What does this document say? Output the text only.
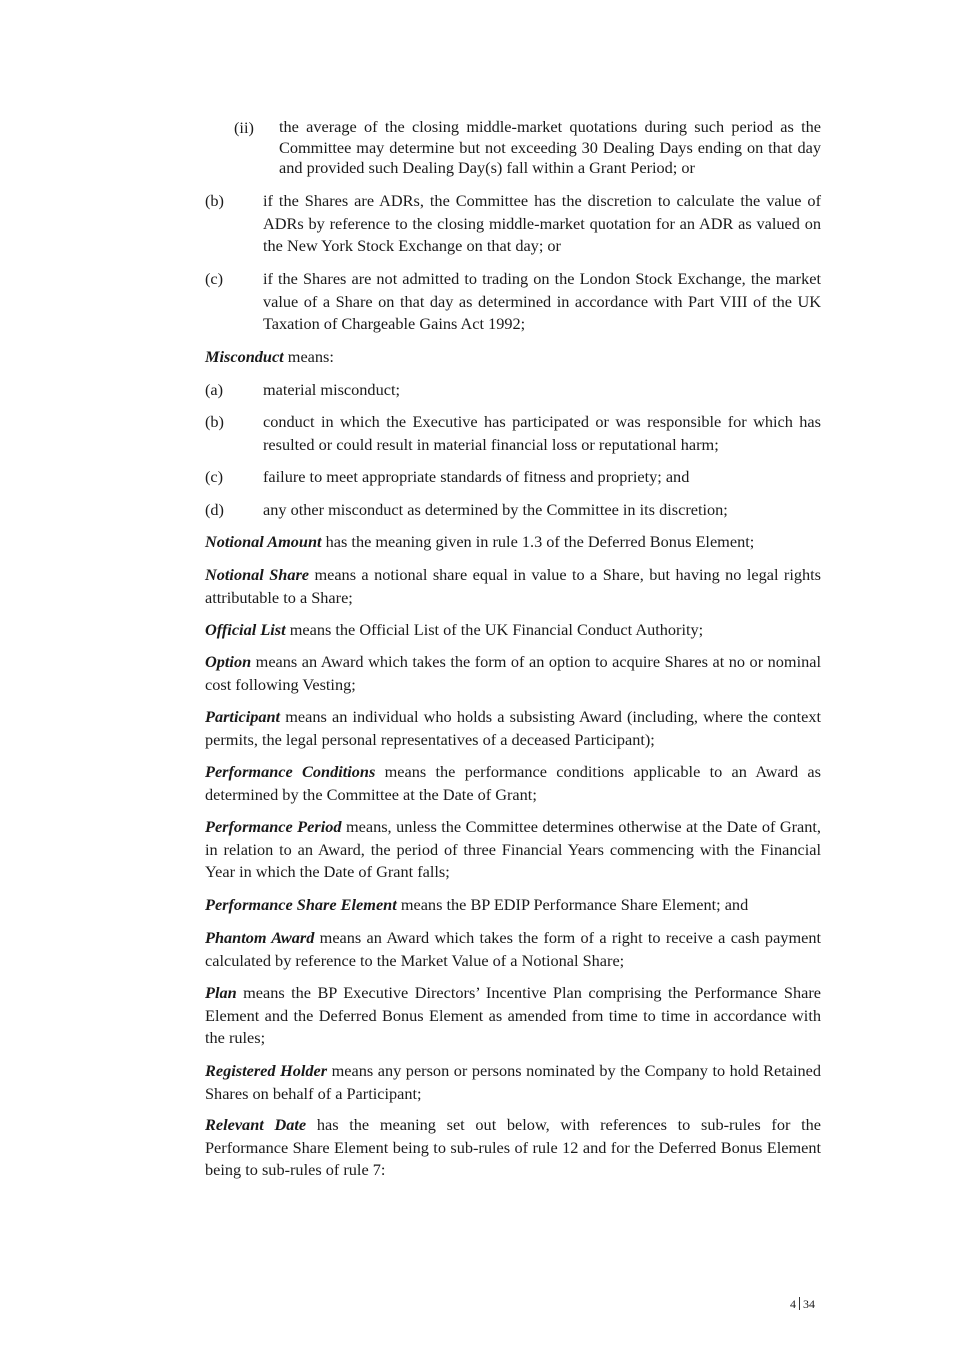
(ii) the average of the closing middle-market quotations during such period as the Committee may determine but not exceeding 30 Dealing Days ending on that day and provided such Dealing Day(s) fall within a Grant Period; or
(b) if the Shares are ADRs, the Committee has the discretion to calculate the value of ADRs by reference to the closing middle-market quotation for an ADR as valued on the New York Stock Exchange on that day; or
(c) if the Shares are not admitted to trading on the London Stock Exchange, the market value of a Share on that day as determined in accordance with Part VIII of the UK Taxation of Chargeable Gains Act 1992;

Misconduct means:

(a) material misconduct;
(b) conduct in which the Executive has participated or was responsible for which has resulted or could result in material financial loss or reputational harm;
(c) failure to meet appropriate standards of fitness and propriety; and
(d) any other misconduct as determined by the Committee in its discretion;

Notional Amount has the meaning given in rule 1.3 of the Deferred Bonus Element;

Notional Share means a notional share equal in value to a Share, but having no legal rights attributable to a Share;

Official List means the Official List of the UK Financial Conduct Authority;

Option means an Award which takes the form of an option to acquire Shares at no or nominal cost following Vesting;

Participant means an individual who holds a subsisting Award (including, where the context permits, the legal personal representatives of a deceased Participant);

Performance Conditions means the performance conditions applicable to an Award as determined by the Committee at the Date of Grant;

Performance Period means, unless the Committee determines otherwise at the Date of Grant, in relation to an Award, the period of three Financial Years commencing with the Financial Year in which the Date of Grant falls;

Performance Share Element means the BP EDIP Performance Share Element; and

Phantom Award means an Award which takes the form of a right to receive a cash payment calculated by reference to the Market Value of a Notional Share;

Plan means the BP Executive Directors’ Incentive Plan comprising the Performance Share Element and the Deferred Bonus Element as amended from time to time in accordance with the rules;

Registered Holder means any person or persons nominated by the Company to hold Retained Shares on behalf of a Participant;

Relevant Date has the meaning set out below, with references to sub-rules for the Performance Share Element being to sub-rules of rule 12 and for the Deferred Bonus Element being to sub-rules of rule 7:

4 34
